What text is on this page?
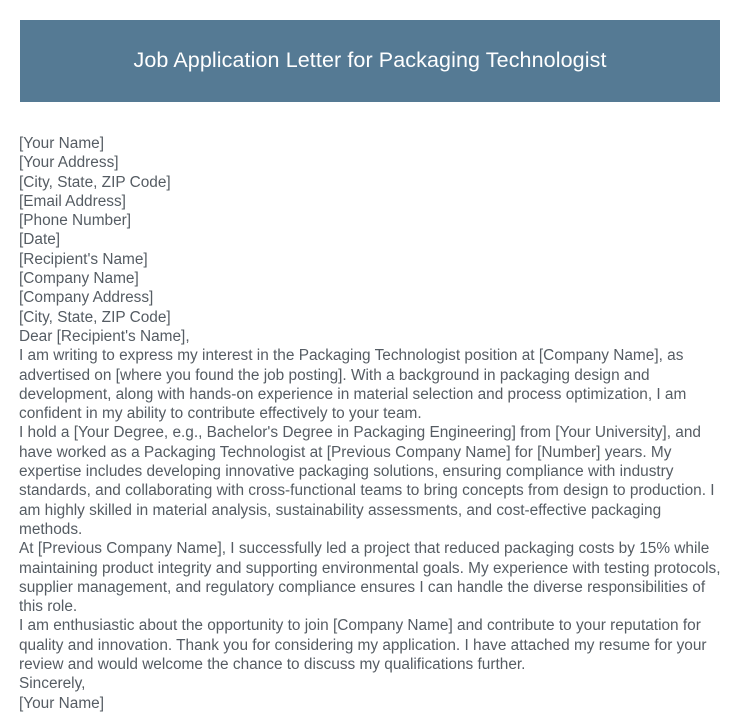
Job Application Letter for Packaging Technologist
[Your Name]
[Your Address]
[City, State, ZIP Code]
[Email Address]
[Phone Number]
[Date]
[Recipient's Name]
[Company Name]
[Company Address]
[City, State, ZIP Code]
Dear [Recipient's Name],
I am writing to express my interest in the Packaging Technologist position at [Company Name], as advertised on [where you found the job posting]. With a background in packaging design and development, along with hands-on experience in material selection and process optimization, I am confident in my ability to contribute effectively to your team.
I hold a [Your Degree, e.g., Bachelor's Degree in Packaging Engineering] from [Your University], and have worked as a Packaging Technologist at [Previous Company Name] for [Number] years. My expertise includes developing innovative packaging solutions, ensuring compliance with industry standards, and collaborating with cross-functional teams to bring concepts from design to production. I am highly skilled in material analysis, sustainability assessments, and cost-effective packaging methods.
At [Previous Company Name], I successfully led a project that reduced packaging costs by 15% while maintaining product integrity and supporting environmental goals. My experience with testing protocols, supplier management, and regulatory compliance ensures I can handle the diverse responsibilities of this role.
I am enthusiastic about the opportunity to join [Company Name] and contribute to your reputation for quality and innovation. Thank you for considering my application. I have attached my resume for your review and would welcome the chance to discuss my qualifications further.
Sincerely,
[Your Name]
